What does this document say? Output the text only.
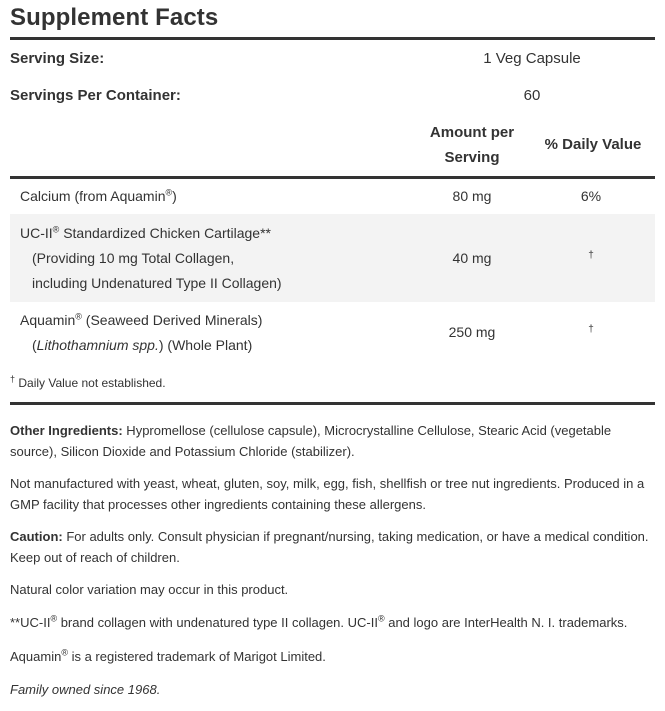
Supplement Facts
Serving Size:	1 Veg Capsule
Servings Per Container:	60
Amount per
Serving
% Daily Value
Calcium (from Aquamin®)	80 mg	6%
UC-II® Standardized Chicken Cartilage**
(Providing 10 mg Total Collagen,
including Undenatured Type II Collagen)
40 mg	†
Aquamin® (Seaweed Derived Minerals)
(Lithothamnium spp.) (Whole Plant)
250 mg	†
† Daily Value not established.
Other Ingredients: Hypromellose (cellulose capsule), Microcrystalline Cellulose, Stearic Acid (vegetable source), Silicon Dioxide and Potassium Chloride (stabilizer).
Not manufactured with yeast, wheat, gluten, soy, milk, egg, fish, shellfish or tree nut ingredients. Produced in a GMP facility that processes other ingredients containing these allergens.
Caution: For adults only. Consult physician if pregnant/nursing, taking medication, or have a medical condition. Keep out of reach of children.
Natural color variation may occur in this product.
**UC-II® brand collagen with undenatured type II collagen. UC-II® and logo are InterHealth N. I. trademarks.
Aquamin® is a registered trademark of Marigot Limited.
Family owned since 1968.
